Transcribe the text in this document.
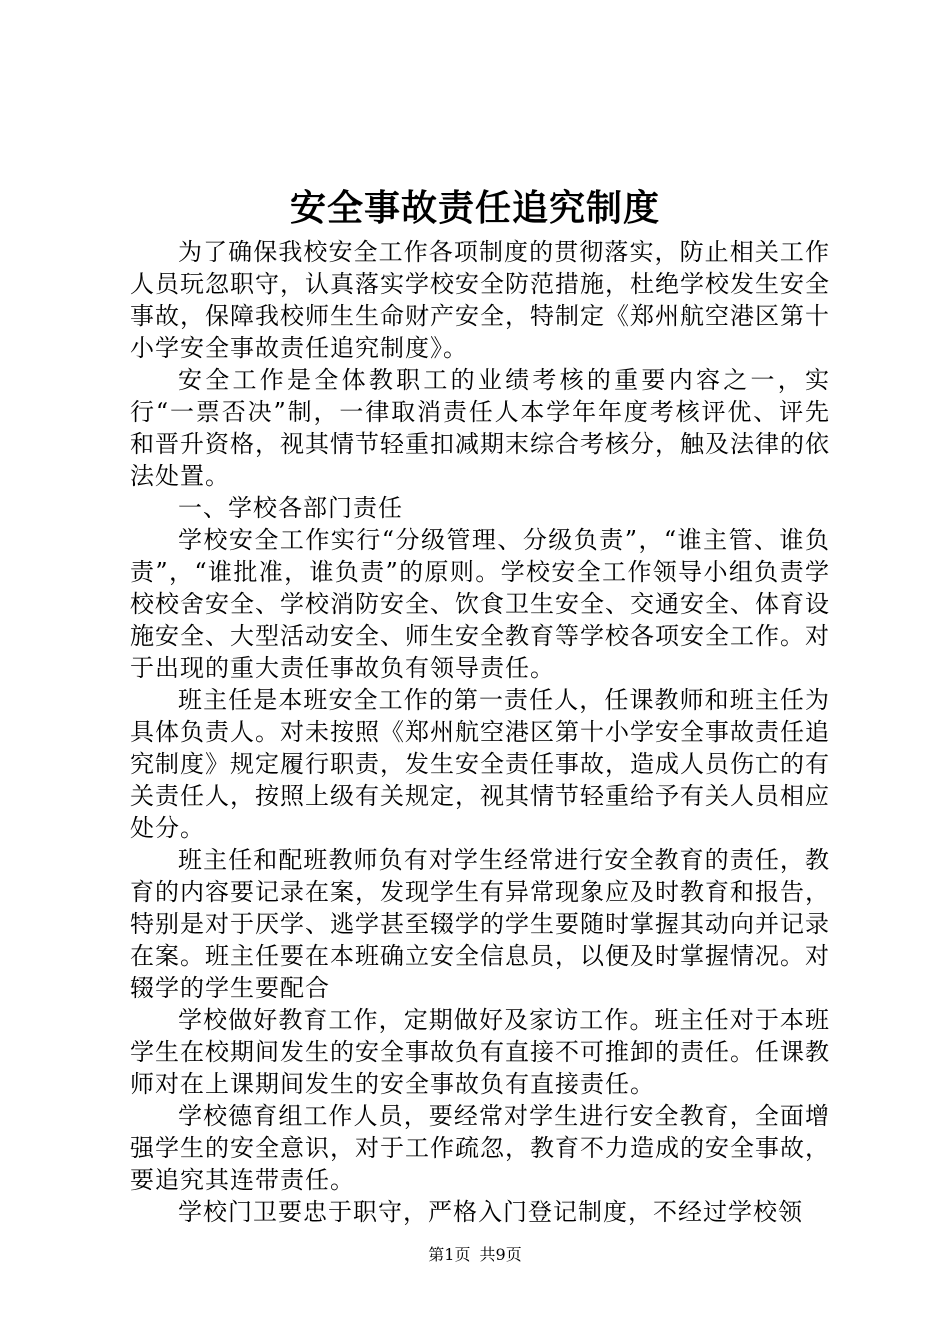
安全事故责任追究制度

为了确保我校安全工作各项制度的贯彻落实，防止相关工作人员玩忽职守，认真落实学校安全防范措施，杜绝学校发生安全事故，保障我校师生生命财产安全，特制定《郑州航空港区第十小学安全事故责任追究制度》。

安全工作是全体教职工的业绩考核的重要内容之一，实行“一票否决”制，一律取消责任人本学年年度考核评优、评先和晋升资格，视其情节轻重扣减期末综合考核分，触及法律的依法处置。

一、学校各部门责任

学校安全工作实行“分级管理、分级负责”，“谁主管、谁负责”，“谁批准，谁负责”的原则。学校安全工作领导小组负责学校校舍安全、学校消防安全、饮食卫生安全、交通安全、体育设施安全、大型活动安全、师生安全教育等学校各项安全工作。对于出现的重大责任事故负有领导责任。

班主任是本班安全工作的第一责任人，任课教师和班主任为具体负责人。对未按照《郑州航空港区第十小学安全事故责任追究制度》规定履行职责，发生安全责任事故，造成人员伤亡的有关责任人，按照上级有关规定，视其情节轻重给予有关人员相应处分。

班主任和配班教师负有对学生经常进行安全教育的责任，教育的内容要记录在案，发现学生有异常现象应及时教育和报告，特别是对于厌学、逃学甚至辍学的学生要随时掌握其动向并记录在案。班主任要在本班确立安全信息员，以便及时掌握情况。对辍学的学生要配合

学校做好教育工作，定期做好及家访工作。班主任对于本班学生在校期间发生的安全事故负有直接不可推卸的责任。任课教师对在上课期间发生的安全事故负有直接责任。

学校德育组工作人员，要经常对学生进行安全教育，全面增强学生的安全意识，对于工作疏忽，教育不力造成的安全事故，要追究其连带责任。

学校门卫要忠于职守，严格入门登记制度，不经过学校领

第1页 共9页
